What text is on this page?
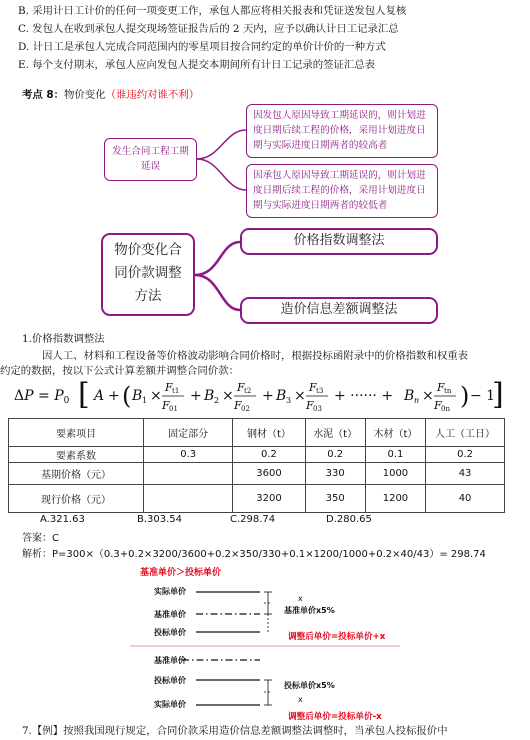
B. 采用计日工计价的任何一项变更工作，承包人都应将相关报表和凭证送发包人复核
C. 发包人在收到承包人提交现场签证报告后的 2 天内，应予以确认计日工记录汇总
D. 计日工是承包人完成合同范围内的零星项目按合同约定的单价计价的一种方式
E. 每个支付期末，承包人应向发包人提交本期间所有计日工记录的签证汇总表
考点 8：物价变化（谁违约对谁不利）
发生合同工程工期延误
因发包人原因导致工期延误的，则计划进度日期后续工程的价格，采用计划进度日期与实际进度日期两者的较高者
因承包人原因导致工期延误的，则计划进度日期后续工程的价格，采用计划进度日期与实际进度日期两者的较低者
物价变化合同价款调整方法
价格指数调整法
造价信息差额调整法
1.价格指数调整法
因人工、材料和工程设备等价格波动影响合同价格时，根据投标函附录中的价格指数和权重表
约定的数据，按以下公式计算差额并调整合同价款：
$\Delta P = P_0$ [ A + ( B 1 ×
F t1
F 01
+ B 2 ×
F t2
F 02
+ B 3 ×
F t3
F 03
+ ······ + B n ×
F tn
F 0n ) − 1
]
要素项目	固定部分	钢材（t）	水泥（t）	木材（t）	人工（工日）
要素系数	0.3	0.2	0.2	0.1	0.2
基期价格（元）		3600	330	1000	43
现行价格（元）		3200	350	1200	40
A.321.63	B.303.54	C.298.74	D.280.65
答案：C
解析：P=300×（0.3+0.2×3200/3600+0.2×350/330+0.1×1200/1000+0.2×40/43）= 298.74
基准单价＞投标单价
实际单价
基准单价
投标单价
x
基准单价x5%
调整后单价=投标单价+x
基准单价
投标单价
实际单价
投标单价x5%
x
调整后单价=投标单价-x
7.【例】按照我国现行规定，合同价款采用造价信息差额调整法调整时，当承包人投标报价中
